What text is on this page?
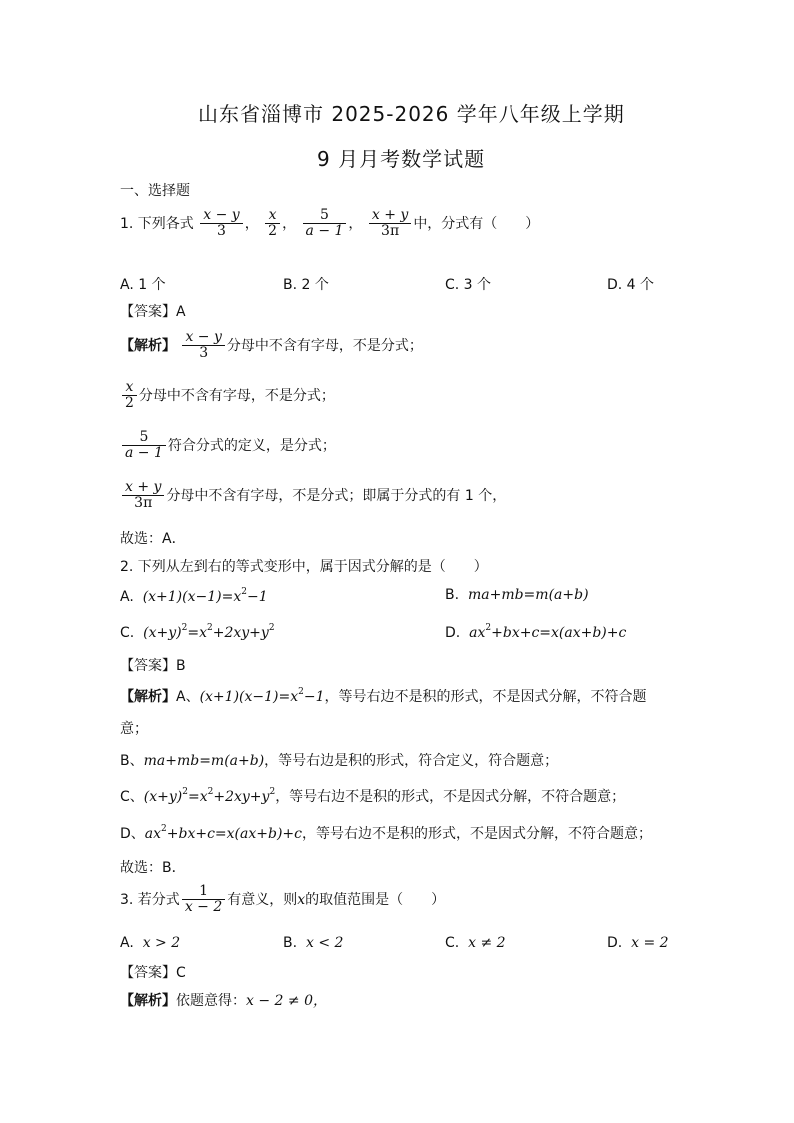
山东省淄博市 2025-2026 学年八年级上学期
9 月月考数学试题
一、选择题
1. 下列各式 $\frac{x - y}{3}$ ， $\frac{x}{2}$ ， $\frac{5}{a - 1}$ ， $\frac{x + y}{3\pi}$ 中，分式有（　　）
A. 1 个	B. 2 个	C. 3 个	D. 4 个
【答案】A
【解析】 $\frac{x - y}{3}$ 分母中不含有字母，不是分式；
$\frac{x}{2}$ 分母中不含有字母，不是分式；
$\frac{5}{a - 1}$ 符合分式的定义，是分式；
$\frac{x + y}{3\pi}$ 分母中不含有字母，不是分式；即属于分式的有 1 个，
故选：A．
2. 下列从左到右的等式变形中，属于因式分解的是（　　）
A. $(x+1)(x-1)=x^2-1$	B. ma+mb=m(a+b)
C. $(x+y)^2=x^2+2xy+y^2$	D. $ax^2+bx+c=x(ax+b)+c$
【答案】B
【解析】A、$(x+1)(x-1)=x^2-1$，等号右边不是积的形式，不是因式分解，不符合题
意；
B、ma+mb=m(a+b)，等号右边是积的形式，符合定义，符合题意；
C、$(x+y)^2=x^2+2xy+y^2$，等号右边不是积的形式，不是因式分解，不符合题意；
D、$ax^2+bx+c=x(ax+b)+c$，等号右边不是积的形式，不是因式分解，不符合题意；
故选：B．
3. 若分式 $\frac{1}{x - 2}$ 有意义，则x的取值范围是（　　）
A. x > 2	B. x < 2	C. x ≠ 2	D. x = 2
【答案】C
【解析】依题意得：x − 2 ≠ 0，
